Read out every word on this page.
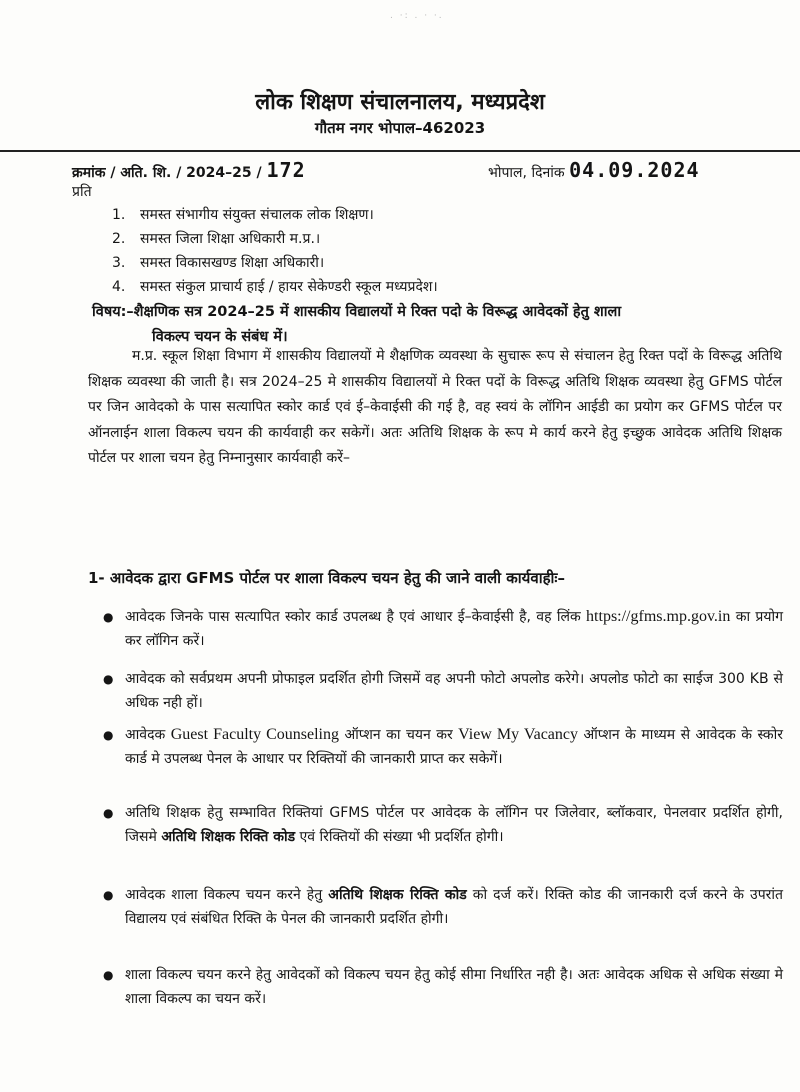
. ·: . · ·.
लोक शिक्षण संचालनालय, मध्यप्रदेश
गौतम नगर भोपाल–462023
क्रमांक / अति. शि. / 2024–25 / 172	भोपाल, दिनांक 04.09.2024
प्रति
1. समस्त संभागीय संयुक्त संचालक लोक शिक्षण।
2. समस्त जिला शिक्षा अधिकारी म.प्र.।
3. समस्त विकासखण्ड शिक्षा अधिकारी।
4. समस्त संकुल प्राचार्य हाई / हायर सेकेण्डरी स्कूल मध्यप्रदेश।
विषय:–शैक्षणिक सत्र 2024–25 में शासकीय विद्यालयों मे रिक्त पदो के विरूद्ध आवेदकों हेतु शाला
विकल्प चयन के संबंध में।
म.प्र. स्कूल शिक्षा विभाग में शासकीय विद्यालयों मे शैक्षणिक व्यवस्था के सुचारू रूप से संचालन हेतु रिक्त पदों के विरूद्ध अतिथि शिक्षक व्यवस्था की जाती है। सत्र 2024–25 मे शासकीय विद्यालयों मे रिक्त पदों के विरूद्ध अतिथि शिक्षक व्यवस्था हेतु GFMS पोर्टल पर जिन आवेदको के पास सत्यापित स्कोर कार्ड एवं ई–केवाईसी की गई है, वह स्वयं के लॉगिन आईडी का प्रयोग कर GFMS पोर्टल पर ऑनलाईन शाला विकल्प चयन की कार्यवाही कर सकेगें। अतः अतिथि शिक्षक के रूप मे कार्य करने हेतु इच्छुक आवेदक अतिथि शिक्षक पोर्टल पर शाला चयन हेतु निम्नानुसार कार्यवाही करें–
1- आवेदक द्वारा GFMS पोर्टल पर शाला विकल्प चयन हेतु की जाने वाली कार्यवाहीः–
● आवेदक जिनके पास सत्यापित स्कोर कार्ड उपलब्ध है एवं आधार ई–केवाईसी है, वह लिंक https://gfms.mp.gov.in का प्रयोग कर लॉगिन करें।
● आवेदक को सर्वप्रथम अपनी प्रोफाइल प्रदर्शित होगी जिसमें वह अपनी फोटो अपलोड करेगे। अपलोड फोटो का साईज 300 KB से अधिक नही हों।
● आवेदक Guest Faculty Counseling ऑप्शन का चयन कर View My Vacancy ऑप्शन के माध्यम से आवेदक के स्कोर कार्ड मे उपलब्ध पेनल के आधार पर रिक्तियों की जानकारी प्राप्त कर सकेगें।
● अतिथि शिक्षक हेतु सम्भावित रिक्तियां GFMS पोर्टल पर आवेदक के लॉगिन पर जिलेवार, ब्लॉकवार, पेनलवार प्रदर्शित होगी, जिसमे अतिथि शिक्षक रिक्ति कोड एवं रिक्तियों की संख्या भी प्रदर्शित होगी।
● आवेदक शाला विकल्प चयन करने हेतु अतिथि शिक्षक रिक्ति कोड को दर्ज करें। रिक्ति कोड की जानकारी दर्ज करने के उपरांत विद्यालय एवं संबंधित रिक्ति के पेनल की जानकारी प्रदर्शित होगी।
● शाला विकल्प चयन करने हेतु आवेदकों को विकल्प चयन हेतु कोई सीमा निर्धारित नही है। अतः आवेदक अधिक से अधिक संख्या मे शाला विकल्प का चयन करें।
